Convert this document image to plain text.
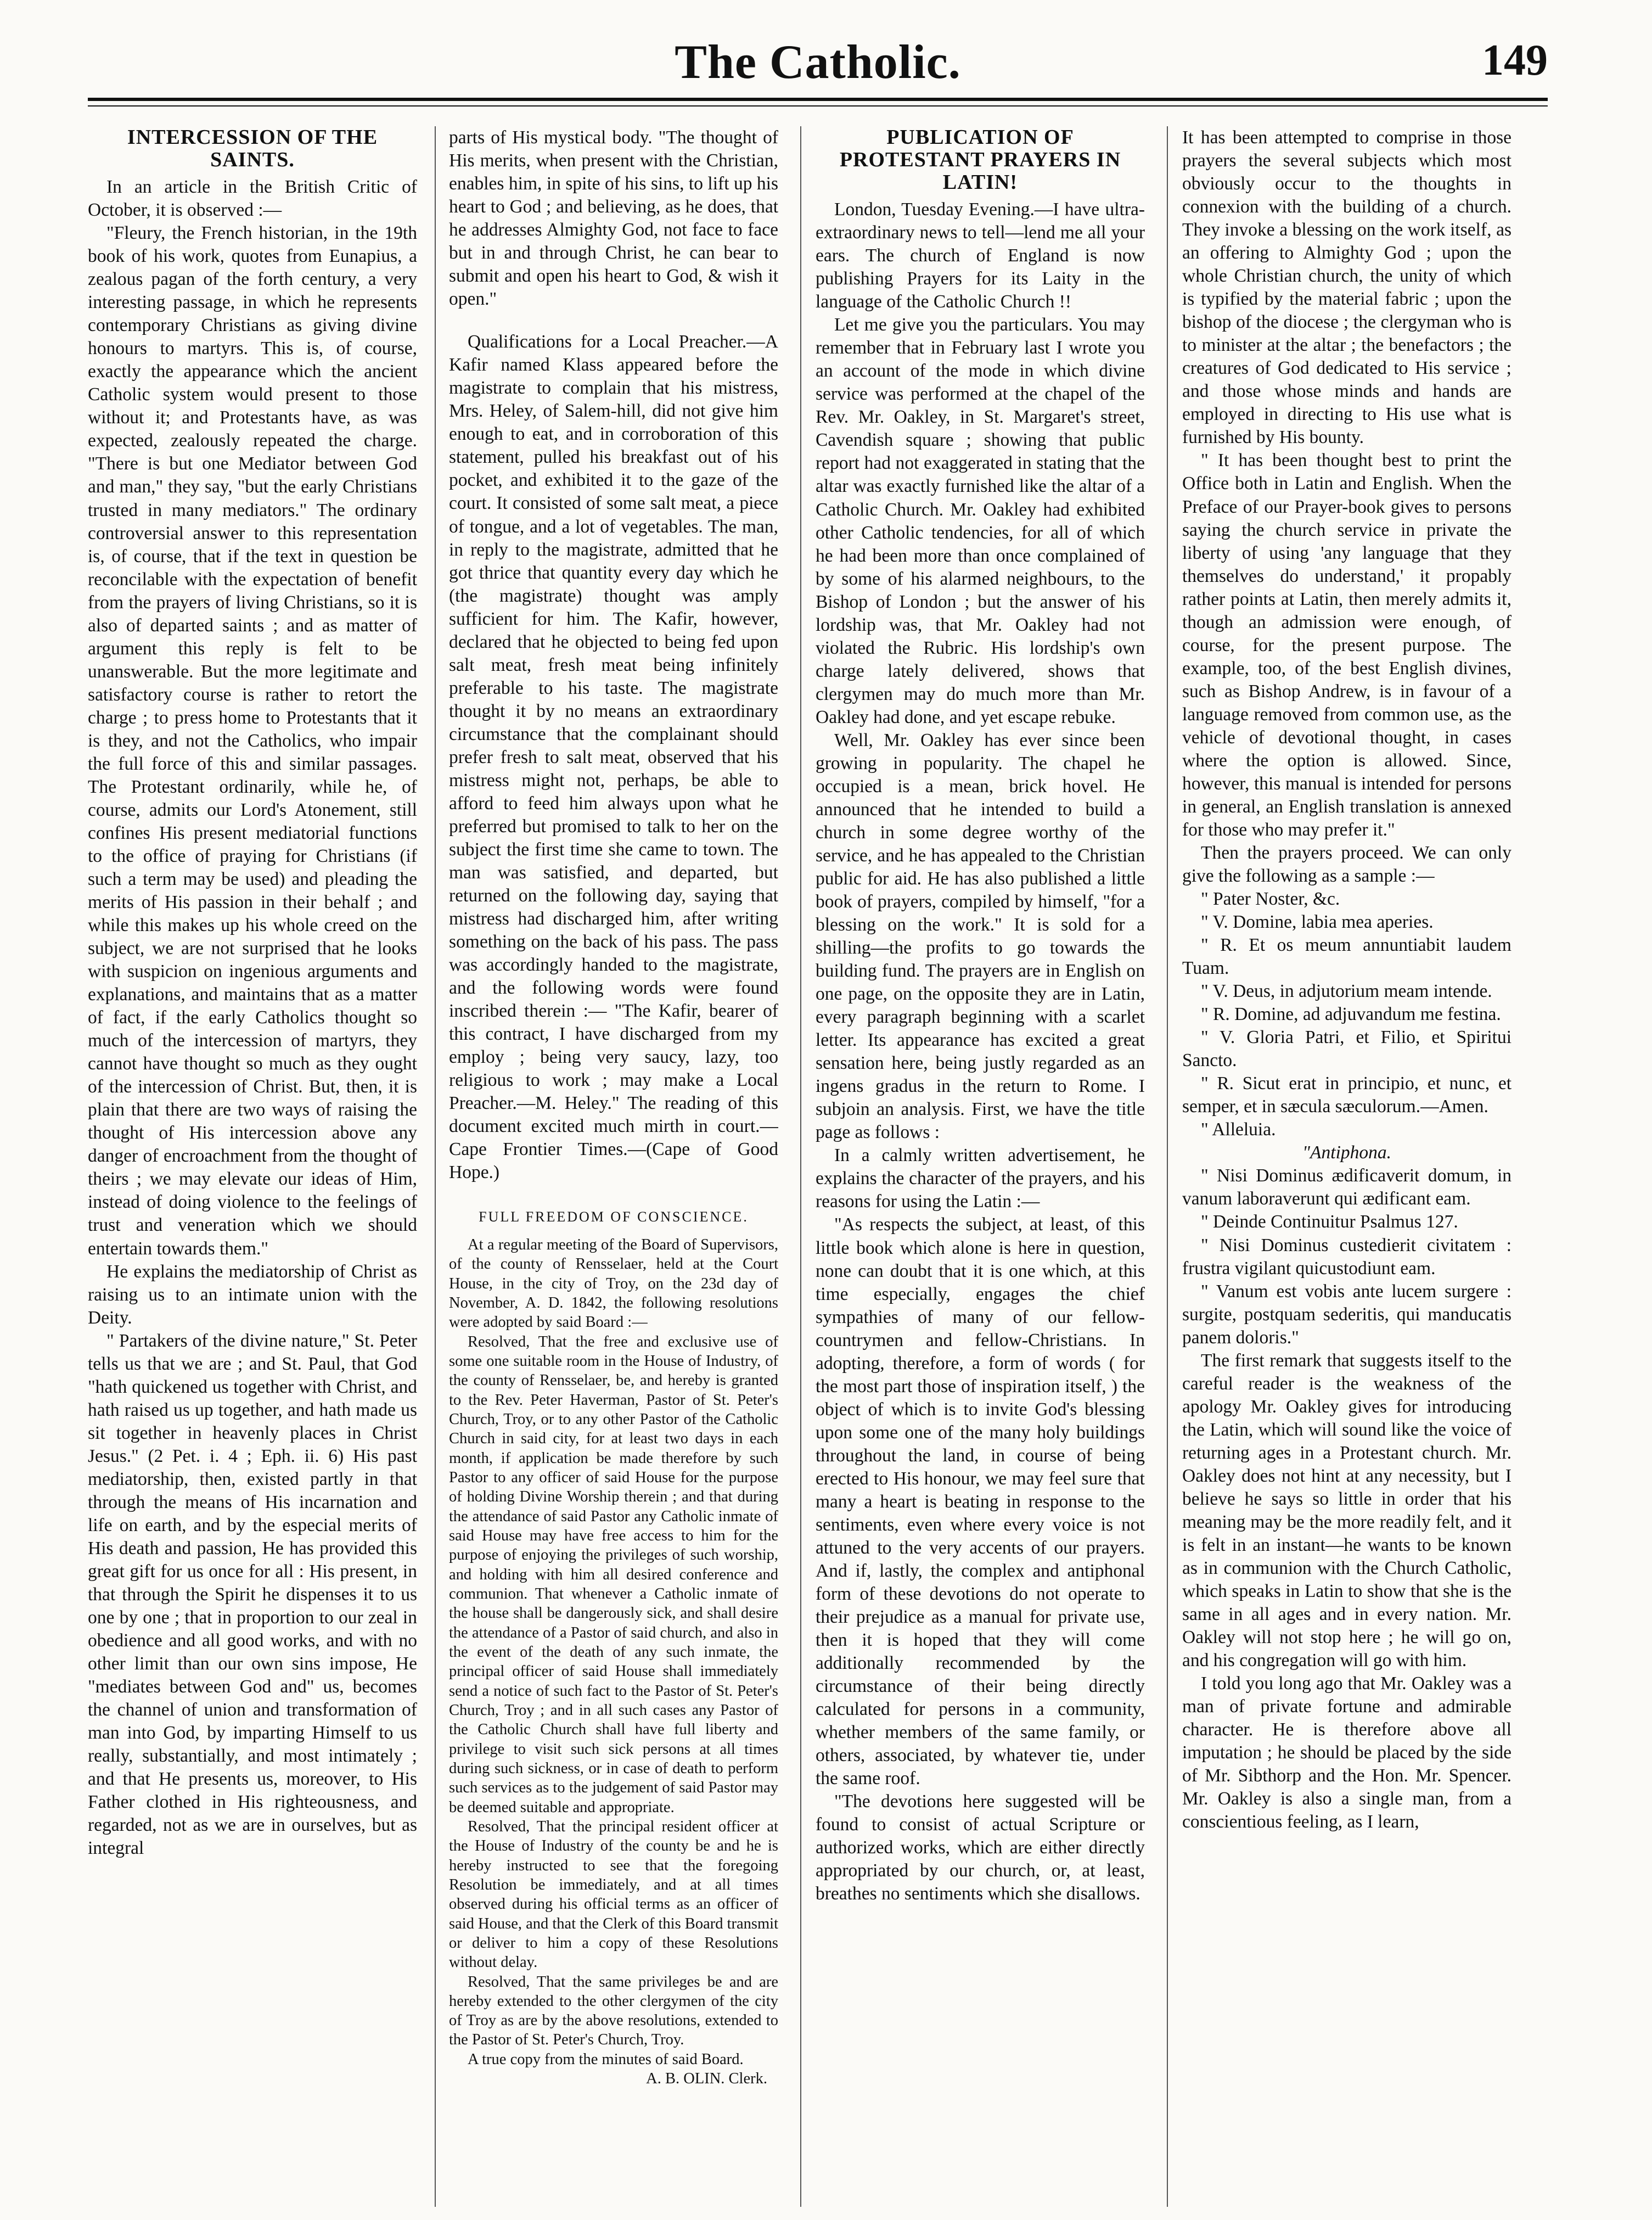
The Catholic.	149
INTERCESSION OF THE SAINTS.

In an article in the British Critic of October, it is observed :—

"Fleury, the French historian, in the 19th book of his work, quotes from Eunapius, a zealous pagan of the forth century, a very interesting passage, in which he represents contemporary Christians as giving divine honours to martyrs. This is, of course, exactly the appearance which the ancient Catholic system would present to those without it; and Protestants have, as was expected, zealously repeated the charge. "There is but one Mediator between God and man," they say, "but the early Christians trusted in many mediators." The ordinary controversial answer to this representation is, of course, that if the text in question be reconcilable with the expectation of benefit from the prayers of living Christians, so it is also of departed saints ; and as matter of argument this reply is felt to be unanswerable. But the more legitimate and satisfactory course is rather to retort the charge ; to press home to Protestants that it is they, and not the Catholics, who impair the full force of this and similar passages. The Protestant ordinarily, while he, of course, admits our Lord's Atonement, still confines His present mediatorial functions to the office of praying for Christians (if such a term may be used) and pleading the merits of His passion in their behalf ; and while this makes up his whole creed on the subject, we are not surprised that he looks with suspicion on ingenious arguments and explanations, and maintains that as a matter of fact, if the early Catholics thought so much of the intercession of martyrs, they cannot have thought so much as they ought of the intercession of Christ. But, then, it is plain that there are two ways of raising the thought of His intercession above any danger of encroachment from the thought of theirs ; we may elevate our ideas of Him, instead of doing violence to the feelings of trust and veneration which we should entertain towards them."

He explains the mediatorship of Christ as raising us to an intimate union with the Deity.

" Partakers of the divine nature," St. Peter tells us that we are ; and St. Paul, that God "hath quickened us together with Christ, and hath raised us up together, and hath made us sit together in heavenly places in Christ Jesus." (2 Pet. i. 4 ; Eph. ii. 6) His past mediatorship, then, existed partly in that through the means of His incarnation and life on earth, and by the especial merits of His death and passion, He has provided this great gift for us once for all : His present, in that through the Spirit he dispenses it to us one by one ; that in proportion to our zeal in obedience and all good works, and with no other limit than our own sins impose, He "mediates between God and" us, becomes the channel of union and transformation of man into God, by imparting Himself to us really, substantially, and most intimately ; and that He presents us, moreover, to His Father clothed in His righteousness, and regarded, not as we are in ourselves, but as integral

parts of His mystical body. "The thought of His merits, when present with the Christian, enables him, in spite of his sins, to lift up his heart to God ; and believing, as he does, that he addresses Almighty God, not face to face but in and through Christ, he can bear to submit and open his heart to God, & wish it open."

Qualifications for a Local Preacher.—A Kafir named Klass appeared before the magistrate to complain that his mistress, Mrs. Heley, of Salem-hill, did not give him enough to eat, and in corroboration of this statement, pulled his breakfast out of his pocket, and exhibited it to the gaze of the court. It consisted of some salt meat, a piece of tongue, and a lot of vegetables. The man, in reply to the magistrate, admitted that he got thrice that quantity every day which he (the magistrate) thought was amply sufficient for him. The Kafir, however, declared that he objected to being fed upon salt meat, fresh meat being infinitely preferable to his taste. The magistrate thought it by no means an extraordinary circumstance that the complainant should prefer fresh to salt meat, observed that his mistress might not, perhaps, be able to afford to feed him always upon what he preferred but promised to talk to her on the subject the first time she came to town. The man was satisfied, and departed, but returned on the following day, saying that mistress had discharged him, after writing something on the back of his pass. The pass was accordingly handed to the magistrate, and the following words were found inscribed therein :— "The Kafir, bearer of this contract, I have discharged from my employ ; being very saucy, lazy, too religious to work ; may make a Local Preacher.—M. Heley." The reading of this document excited much mirth in court.—Cape Frontier Times.—(Cape of Good Hope.)

FULL FREEDOM OF CONSCIENCE.

At a regular meeting of the Board of Supervisors, of the county of Rensselaer, held at the Court House, in the city of Troy, on the 23d day of November, A. D. 1842, the following resolutions were adopted by said Board :—

Resolved, That the free and exclusive use of some one suitable room in the House of Industry, of the county of Rensselaer, be, and hereby is granted to the Rev. Peter Haverman, Pastor of St. Peter's Church, Troy, or to any other Pastor of the Catholic Church in said city, for at least two days in each month, if application be made therefore by such Pastor to any officer of said House for the purpose of holding Divine Worship therein ; and that during the attendance of said Pastor any Catholic inmate of said House may have free access to him for the purpose of enjoying the privileges of such worship, and holding with him all desired conference and communion. That whenever a Catholic inmate of the house shall be dangerously sick, and shall desire the attendance of a Pastor of said church, and also in the event of the death of any such inmate, the principal officer of said House shall immediately send a notice of such fact to the Pastor of St. Peter's Church, Troy ; and in all such cases any Pastor of the Catholic Church shall have full liberty and privilege to visit such sick persons at all times during such sickness, or in case of death to perform such services as to the judgement of said Pastor may be deemed suitable and appropriate.

Resolved, That the principal resident officer at the House of Industry of the county be and he is hereby instructed to see that the foregoing Resolution be immediately, and at all times observed during his official terms as an officer of said House, and that the Clerk of this Board transmit or deliver to him a copy of these Resolutions without delay.

Resolved, That the same privileges be and are hereby extended to the other clergymen of the city of Troy as are by the above resolutions, extended to the Pastor of St. Peter's Church, Troy.

A true copy from the minutes of said Board.

A. B. OLIN. Clerk.
PUBLICATION OF PROTESTANT PRAYERS IN LATIN!

London, Tuesday Evening.—I have ultra-extraordinary news to tell—lend me all your ears. The church of England is now publishing Prayers for its Laity in the language of the Catholic Church !!

Let me give you the particulars. You may remember that in February last I wrote you an account of the mode in which divine service was performed at the chapel of the Rev. Mr. Oakley, in St. Margaret's street, Cavendish square ; showing that public report had not exaggerated in stating that the altar was exactly furnished like the altar of a Catholic Church. Mr. Oakley had exhibited other Catholic tendencies, for all of which he had been more than once complained of by some of his alarmed neighbours, to the Bishop of London ; but the answer of his lordship was, that Mr. Oakley had not violated the Rubric. His lordship's own charge lately delivered, shows that clergymen may do much more than Mr. Oakley had done, and yet escape rebuke.

Well, Mr. Oakley has ever since been growing in popularity. The chapel he occupied is a mean, brick hovel. He announced that he intended to build a church in some degree worthy of the service, and he has appealed to the Christian public for aid. He has also published a little book of prayers, compiled by himself, "for a blessing on the work." It is sold for a shilling—the profits to go towards the building fund. The prayers are in English on one page, on the opposite they are in Latin, every paragraph beginning with a scarlet letter. Its appearance has excited a great sensation here, being justly regarded as an ingens gradus in the return to Rome. I subjoin an analysis. First, we have the title page as follows :

In a calmly written advertisement, he explains the character of the prayers, and his reasons for using the Latin :—

"As respects the subject, at least, of this little book which alone is here in question, none can doubt that it is one which, at this time especially, engages the chief sympathies of many of our fellow-countrymen and fellow-Christians. In adopting, therefore, a form of words ( for the most part those of inspiration itself, ) the object of which is to invite God's blessing upon some one of the many holy buildings throughout the land, in course of being erected to His honour, we may feel sure that many a heart is beating in response to the sentiments, even where every voice is not attuned to the very accents of our prayers. And if, lastly, the complex and antiphonal form of these devotions do not operate to their prejudice as a manual for private use, then it is hoped that they will come additionally recommended by the circumstance of their being directly calculated for persons in a community, whether members of the same family, or others, associated, by whatever tie, under the same roof.

"The devotions here suggested will be found to consist of actual Scripture or authorized works, which are either directly appropriated by our church, or, at least, breathes no sentiments which she disallows.

It has been attempted to comprise in those prayers the several subjects which most obviously occur to the thoughts in connexion with the building of a church. They invoke a blessing on the work itself, as an offering to Almighty God ; upon the whole Christian church, the unity of which is typified by the material fabric ; upon the bishop of the diocese ; the clergyman who is to minister at the altar ; the benefactors ; the creatures of God dedicated to His service ; and those whose minds and hands are employed in directing to His use what is furnished by His bounty.

" It has been thought best to print the Office both in Latin and English. When the Preface of our Prayer-book gives to persons saying the church service in private the liberty of using 'any language that they themselves do understand,' it propably rather points at Latin, then merely admits it, though an admission were enough, of course, for the present purpose. The example, too, of the best English divines, such as Bishop Andrew, is in favour of a language removed from common use, as the vehicle of devotional thought, in cases where the option is allowed. Since, however, this manual is intended for persons in general, an English translation is annexed for those who may prefer it."

Then the prayers proceed. We can only give the following as a sample :—

" Pater Noster, &c.

" V. Domine, labia mea aperies.

" R. Et os meum annuntiabit laudem Tuam.

" V. Deus, in adjutorium meam intende.

" R. Domine, ad adjuvandum me festina.

" V. Gloria Patri, et Filio, et Spiritui Sancto.

" R. Sicut erat in principio, et nunc, et semper, et in sæcula sæculorum.—Amen.

" Alleluia.

"Antiphona.

" Nisi Dominus ædificaverit domum, in vanum laboraverunt qui ædificant eam.

" Deinde Continuitur Psalmus 127.

" Nisi Dominus custedierit civitatem : frustra vigilant quicustodiunt eam.

" Vanum est vobis ante lucem surgere : surgite, postquam sederitis, qui manducatis panem doloris."

The first remark that suggests itself to the careful reader is the weakness of the apology Mr. Oakley gives for introducing the Latin, which will sound like the voice of returning ages in a Protestant church. Mr. Oakley does not hint at any necessity, but I believe he says so little in order that his meaning may be the more readily felt, and it is felt in an instant—he wants to be known as in communion with the Church Catholic, which speaks in Latin to show that she is the same in all ages and in every nation. Mr. Oakley will not stop here ; he will go on, and his congregation will go with him.

I told you long ago that Mr. Oakley was a man of private fortune and admirable character. He is therefore above all imputation ; he should be placed by the side of Mr. Sibthorp and the Hon. Mr. Spencer. Mr. Oakley is also a single man, from a conscientious feeling, as I learn,
